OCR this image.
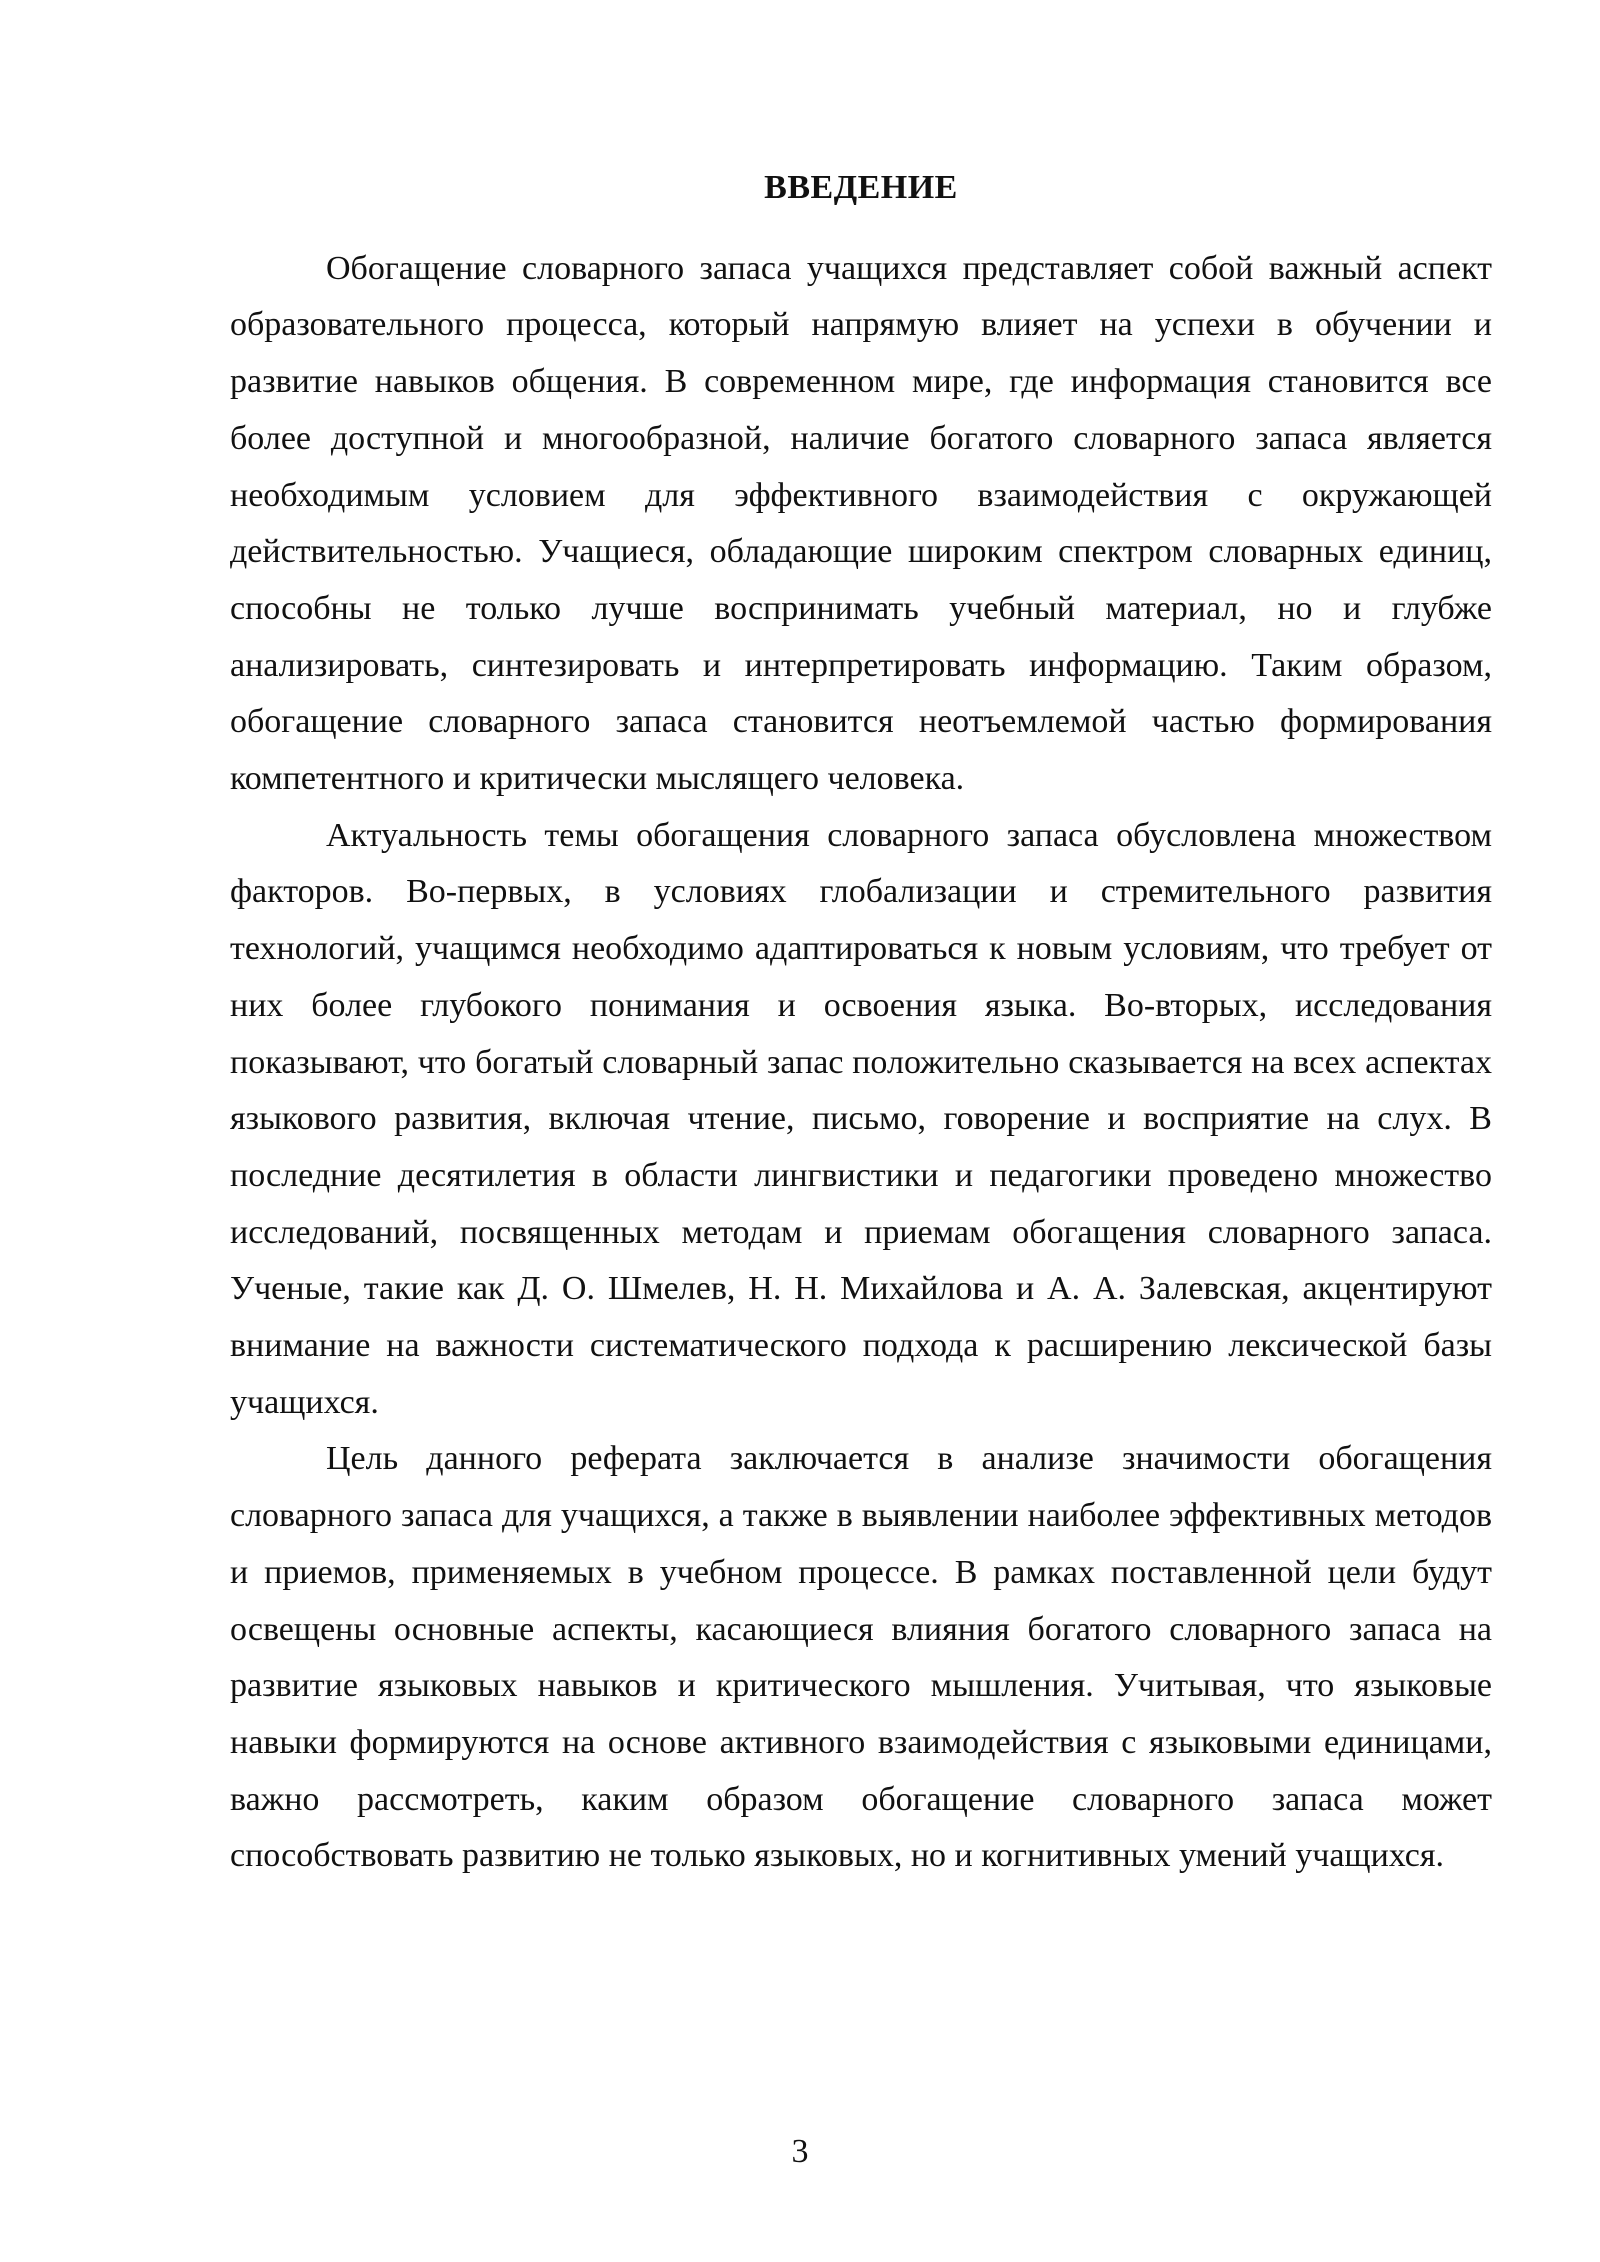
ВВЕДЕНИЕ

Обогащение словарного запаса учащихся представляет собой важный аспект образовательного процесса, который напрямую влияет на успехи в обучении и развитие навыков общения. В современном мире, где информация становится все более доступной и многообразной, наличие богатого словарного запаса является необходимым условием для эффективного взаимодействия с окружающей действительностью. Учащиеся, обладающие широким спектром словарных единиц, способны не только лучше воспринимать учебный материал, но и глубже анализировать, синтезировать и интерпретировать информацию. Таким образом, обогащение словарного запаса становится неотъемлемой частью формирования компетентного и критически мыслящего человека.

Актуальность темы обогащения словарного запаса обусловлена множеством факторов. Во-первых, в условиях глобализации и стремительного развития технологий, учащимся необходимо адаптироваться к новым условиям, что требует от них более глубокого понимания и освоения языка. Во-вторых, исследования показывают, что богатый словарный запас положительно сказывается на всех аспектах языкового развития, включая чтение, письмо, говорение и восприятие на слух. В последние десятилетия в области лингвистики и педагогики проведено множество исследований, посвященных методам и приемам обогащения словарного запаса. Ученые, такие как Д. О. Шмелев, Н. Н. Михайлова и А. А. Залевская, акцентируют внимание на важности систематического подхода к расширению лексической базы учащихся.

Цель данного реферата заключается в анализе значимости обогащения словарного запаса для учащихся, а также в выявлении наиболее эффективных методов и приемов, применяемых в учебном процессе. В рамках поставленной цели будут освещены основные аспекты, касающиеся влияния богатого словарного запаса на развитие языковых навыков и критического мышления. Учитывая, что языковые навыки формируются на основе активного взаимодействия с языковыми единицами, важно рассмотреть, каким образом обогащение словарного запаса может способствовать развитию не только языковых, но и когнитивных умений учащихся.

3
